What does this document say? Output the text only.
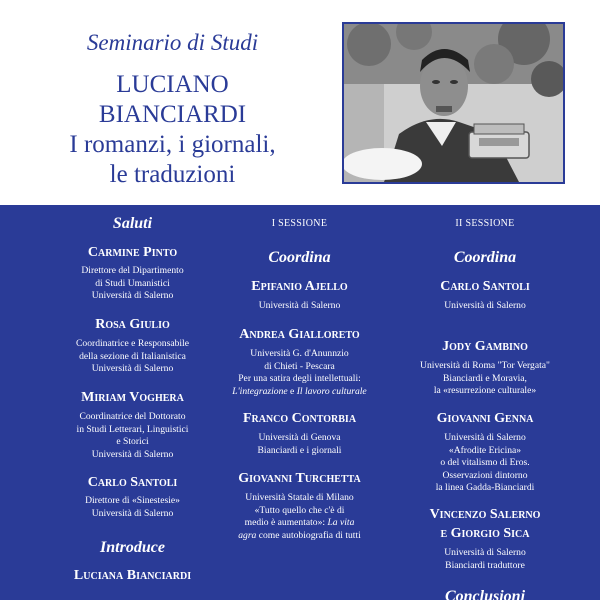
Seminario di Studi
LUCIANO
BIANCIARDI
I romanzi, i giornali,
le traduzioni
Saluti
Carmine Pinto
Direttore del Dipartimento
di Studi Umanistici
Università di Salerno
Rosa Giulio
Coordinatrice e Responsabile
della sezione di Italianistica
Università di Salerno
Miriam Voghera
Coordinatrice del Dottorato
in Studi Letterari, Linguistici
e Storici
Università di Salerno
Carlo Santoli
Direttore di «Sinestesie»
Università di Salerno
Introduce
Luciana Bianciardi
I SESSIONE
Coordina
Epifanio Ajello
Università di Salerno
Andrea Gialloreto
Università G. d'Anunnzio
di Chieti - Pescara
Per una satira degli intellettuali:
L'integrazione e Il lavoro culturale
Franco Contorbia
Università di Genova
Bianciardi e i giornali
Giovanni Turchetta
Università Statale di Milano
«Tutto quello che c'è di
medio è aumentato»: La vita
agra come autobiografia di tutti
II SESSIONE
Coordina
Carlo Santoli
Università di Salerno
Jody Gambino
Università di Roma "Tor Vergata"
Bianciardi e Moravia,
la «resurrezione culturale»
Giovanni Genna
Università di Salerno
«Afrodite Ericina»
o del vitalismo di Eros.
Osservazioni dintorno
la linea Gadda-Bianciardi
Vincenzo Salerno
e Giorgio Sica
Università di Salerno
Bianciardi traduttore
Conclusioni
